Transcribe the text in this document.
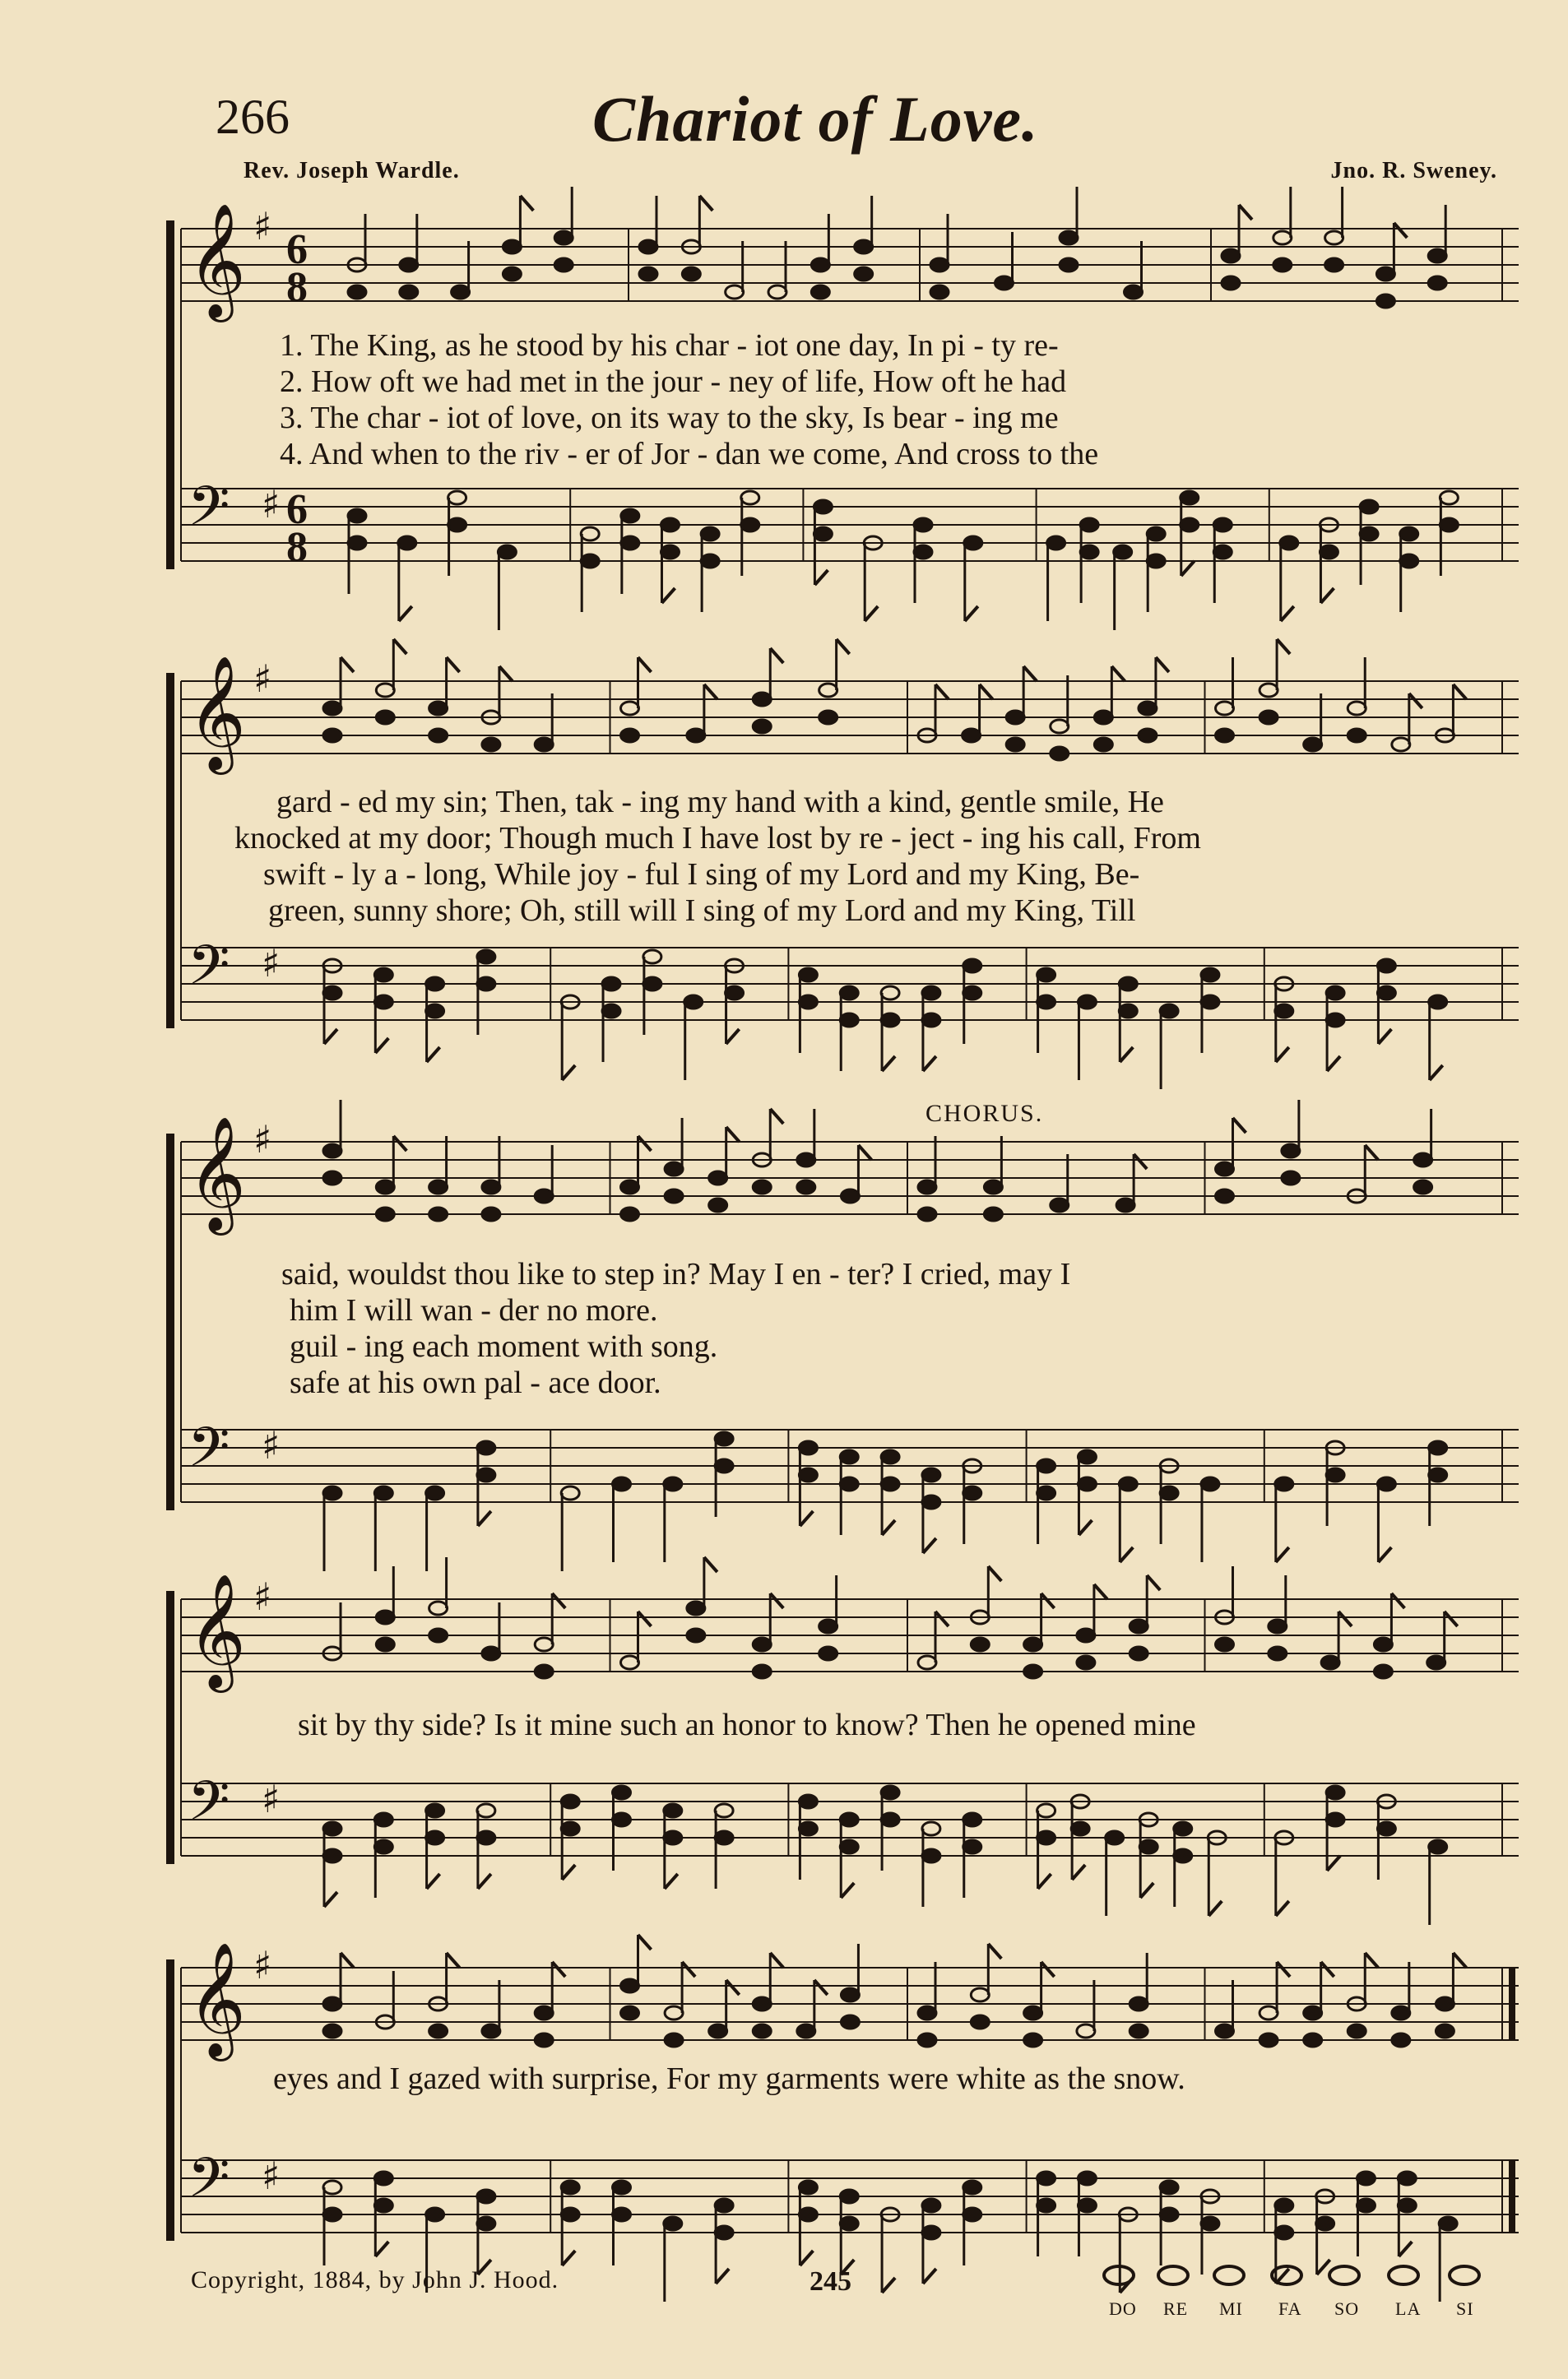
𝄞 ♯ 6
8
𝄢 ♯ 6
8
𝄞 ♯
𝄢 ♯
𝄞 ♯
𝄢 ♯
𝄞 ♯
𝄢 ♯
𝄞 ♯
𝄢 ♯
266	Chariot of Love.
Rev. Joseph Wardle.	Jno. R. Sweney.
CHORUS.
1. The King, as he stood by his char - iot one day, In pi - ty re-
2. How oft we had met in the jour - ney of life, How oft he had
3. The char - iot of love, on its way to the sky, Is bear - ing me
4. And when to the riv - er of Jor - dan we come, And cross to the
gard - ed my sin; Then, tak - ing my hand with a kind, gentle smile, He
knocked at my door; Though much I have lost by re - ject - ing his call, From
swift - ly a - long, While joy - ful I sing of my Lord and my King, Be-
green, sunny shore; Oh, still will I sing of my Lord and my King, Till
said, wouldst thou like to step in? May I en - ter? I cried, may I
him I will wan - der no more.
guil - ing each moment with song.
safe at his own pal - ace door.
sit by thy side? Is it mine such an honor to know? Then he opened mine
eyes and I gazed with surprise, For my garments were white as the snow.
Copyright, 1884, by John J. Hood.	245
DO RE MI FA SO LA SI
